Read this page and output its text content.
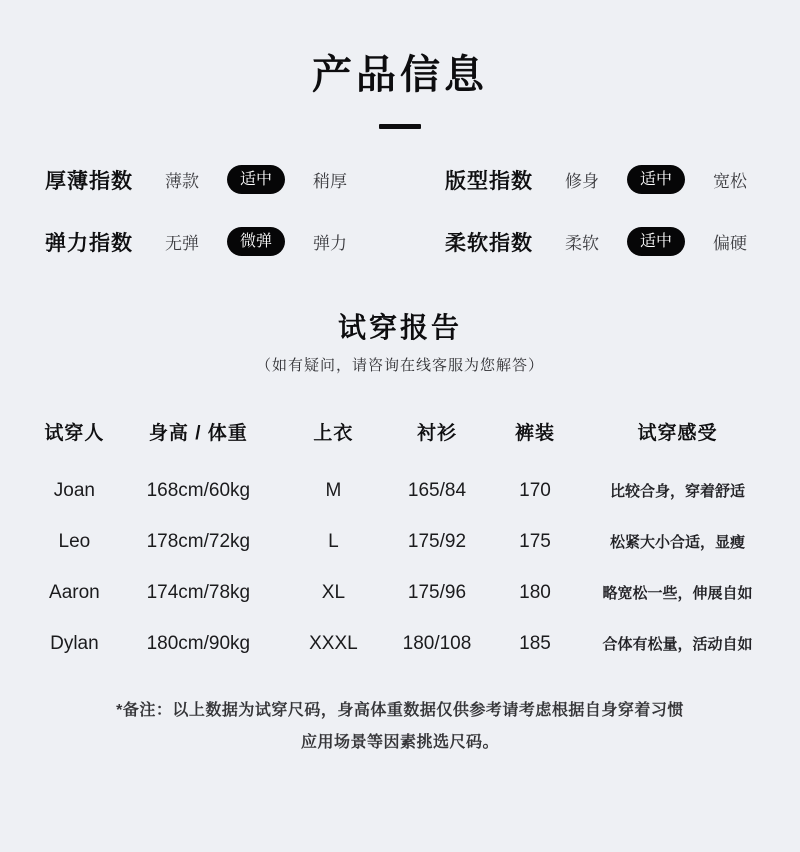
产品信息
厚薄指数 薄款	适中	稍厚	版型指数 修身	适中	宽松
弹力指数 无弹	微弹	弹力	柔软指数 柔软	适中	偏硬
试穿报告
（如有疑问，请咨询在线客服为您解答）
试穿人	身高 / 体重	上衣	衬衫	裤装	试穿感受
Joan	168cm/60kg	M	165/84	170	比较合身，穿着舒适
Leo	178cm/72kg	L	175/92	175	松紧大小合适，显瘦
Aaron	174cm/78kg	XL	175/96	180	略宽松一些，伸展自如
Dylan	180cm/90kg	XXXL	180/108	185	合体有松量，活动自如
*备注：以上数据为试穿尺码，身高体重数据仅供参考请考虑根据自身穿着习惯
应用场景等因素挑选尺码。
